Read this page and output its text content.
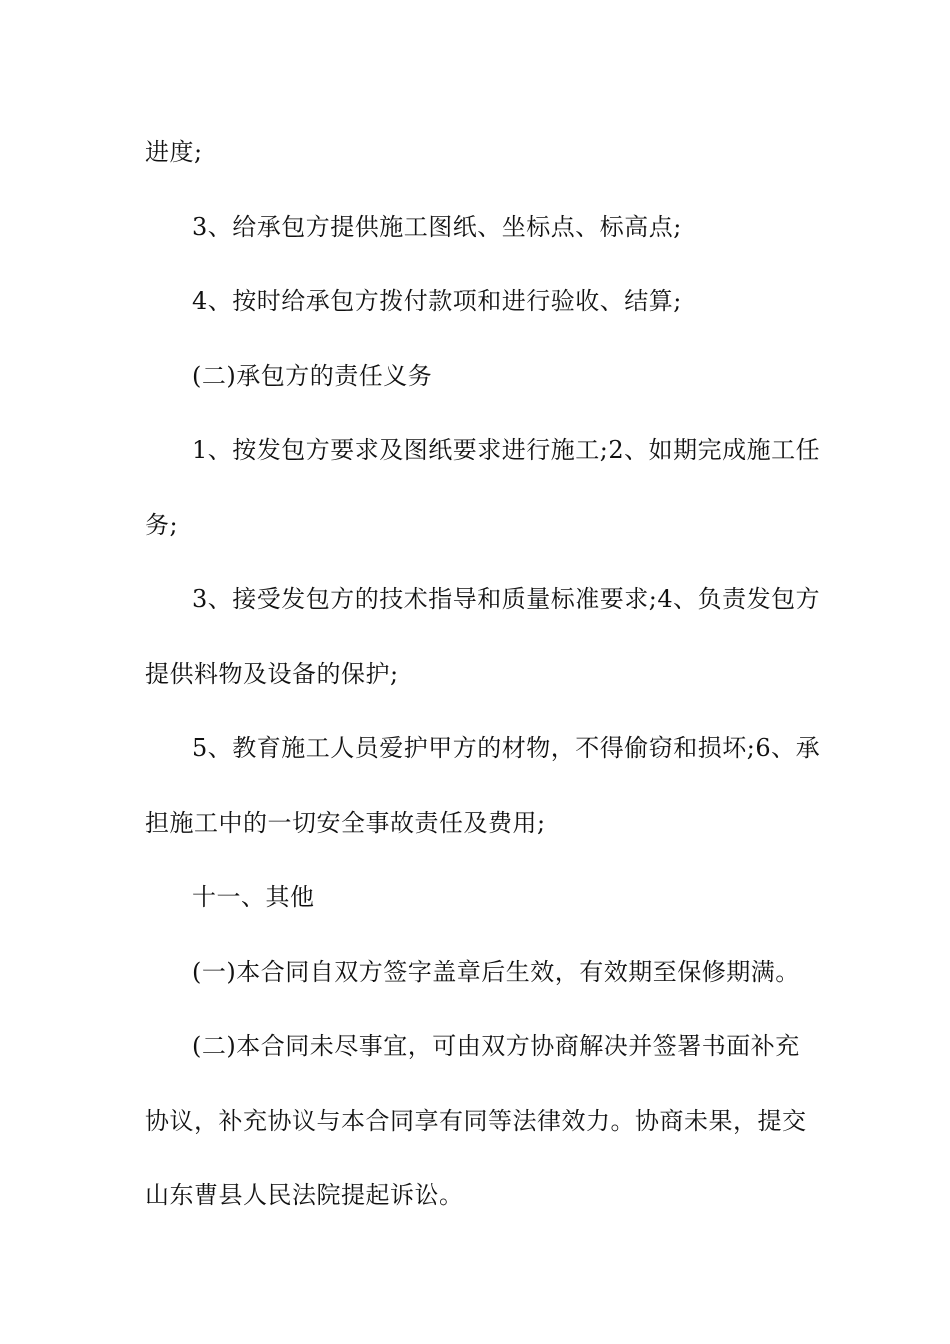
进度;
3、给承包方提供施工图纸、坐标点、标高点;
4、按时给承包方拨付款项和进行验收、结算;
(二)承包方的责任义务
1、按发包方要求及图纸要求进行施工;2、如期完成施工任
务;
3、接受发包方的技术指导和质量标准要求;4、负责发包方
提供料物及设备的保护;
5、教育施工人员爱护甲方的材物，不得偷窃和损坏;6、承
担施工中的一切安全事故责任及费用;
十一、其他
(一)本合同自双方签字盖章后生效，有效期至保修期满。
(二)本合同未尽事宜，可由双方协商解决并签署书面补充
协议，补充协议与本合同享有同等法律效力。协商未果，提交
山东曹县人民法院提起诉讼。
